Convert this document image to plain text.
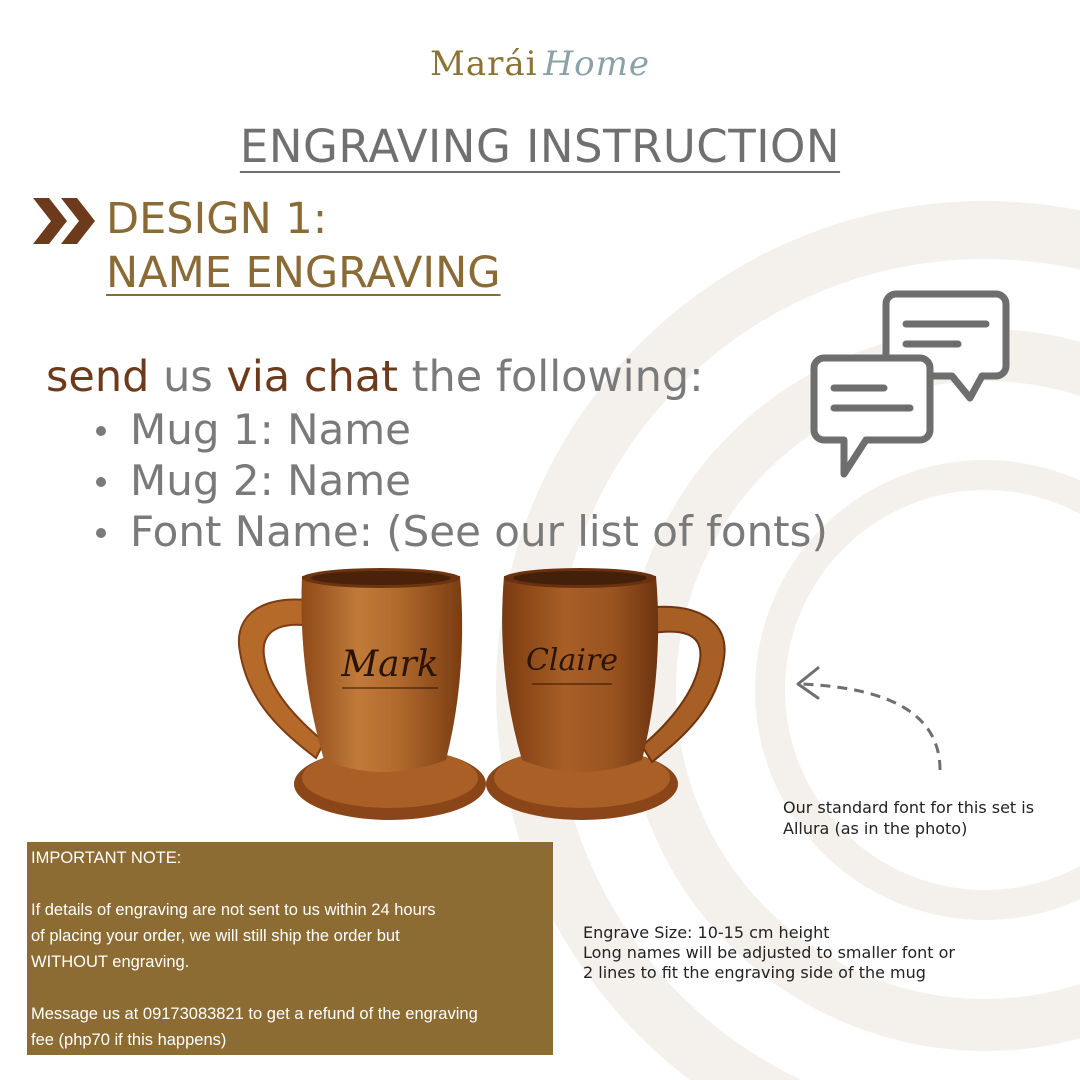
Marái Home
ENGRAVING INSTRUCTION
DESIGN 1:
NAME ENGRAVING
send us via chat the following:
Mug 1: Name
Mug 2: Name
Font Name: (See our list of fonts)
Mark	Claire
Our standard font for this set is
Allura (as in the photo)

IMPORTANT NOTE:

If details of engraving are not sent to us within 24 hours

of placing your order, we will still ship the order but

WITHOUT engraving.

Message us at 09173083821 to get a refund of the engraving

fee (php70 if this happens)

Engrave Size: 10-15 cm height
Long names will be adjusted to smaller font or
2 lines to fit the engraving side of the mug
